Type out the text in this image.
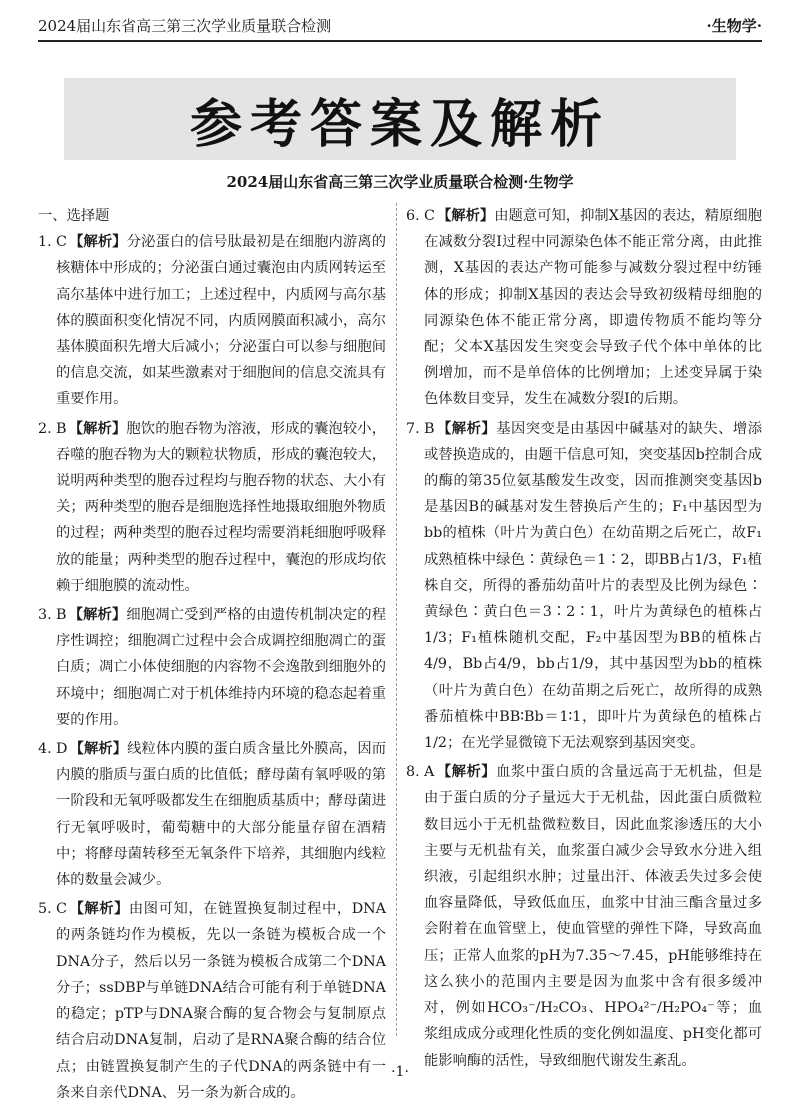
2024届山东省高三第三次学业质量联合检测	·生物学·
参考答案及解析
2024届山东省高三第三次学业质量联合检测·生物学

一、选择题

1. C 【解析】分泌蛋白的信号肽最初是在细胞内游离的核糖体中形成的；分泌蛋白通过囊泡由内质网转运至高尔基体中进行加工；上述过程中，内质网与高尔基体的膜面积变化情况不同，内质网膜面积减小，高尔基体膜面积先增大后减小；分泌蛋白可以参与细胞间的信息交流，如某些激素对于细胞间的信息交流具有重要作用。

2. B 【解析】胞饮的胞吞物为溶液，形成的囊泡较小，吞噬的胞吞物为大的颗粒状物质，形成的囊泡较大，说明两种类型的胞吞过程均与胞吞物的状态、大小有关；两种类型的胞吞是细胞选择性地摄取细胞外物质的过程；两种类型的胞吞过程均需要消耗细胞呼吸释放的能量；两种类型的胞吞过程中，囊泡的形成均依赖于细胞膜的流动性。

3. B 【解析】细胞凋亡受到严格的由遗传机制决定的程序性调控；细胞凋亡过程中会合成调控细胞凋亡的蛋白质；凋亡小体使细胞的内容物不会逸散到细胞外的环境中；细胞凋亡对于机体维持内环境的稳态起着重要的作用。

4. D 【解析】线粒体内膜的蛋白质含量比外膜高，因而内膜的脂质与蛋白质的比值低；酵母菌有氧呼吸的第一阶段和无氧呼吸都发生在细胞质基质中；酵母菌进行无氧呼吸时，葡萄糖中的大部分能量存留在酒精中；将酵母菌转移至无氧条件下培养，其细胞内线粒体的数量会减少。

5. C 【解析】由图可知，在链置换复制过程中，DNA的两条链均作为模板，先以一条链为模板合成一个DNA分子，然后以另一条链为模板合成第二个DNA分子；ssDBP与单链DNA结合可能有利于单链DNA的稳定；pTP与DNA聚合酶的复合物会与复制原点结合启动DNA复制，启动了是RNA聚合酶的结合位点；由链置换复制产生的子代DNA的两条链中有一条来自亲代DNA、另一条为新合成的。

6. C 【解析】由题意可知，抑制X基因的表达，精原细胞在减数分裂Ⅰ过程中同源染色体不能正常分离，由此推测，X基因的表达产物可能参与减数分裂过程中纺锤体的形成；抑制X基因的表达会导致初级精母细胞的同源染色体不能正常分离，即遗传物质不能均等分配；父本X基因发生突变会导致子代个体中单体的比例增加，而不是单倍体的比例增加；上述变异属于染色体数目变异，发生在减数分裂Ⅰ的后期。

7. B 【解析】基因突变是由基因中碱基对的缺失、增添或替换造成的，由题干信息可知，突变基因b控制合成的酶的第35位氨基酸发生改变，因而推测突变基因b是基因B的碱基对发生替换后产生的；F₁中基因型为bb的植株（叶片为黄白色）在幼苗期之后死亡，故F₁成熟植株中绿色∶黄绿色＝1∶2，即BB占1/3，F₁植株自交，所得的番茄幼苗叶片的表型及比例为绿色∶黄绿色∶黄白色＝3∶2∶1，叶片为黄绿色的植株占1/3；F₁植株随机交配，F₂中基因型为BB的植株占4/9，Bb占4/9，bb占1/9，其中基因型为bb的植株（叶片为黄白色）在幼苗期之后死亡，故所得的成熟番茄植株中BB∶Bb＝1∶1，即叶片为黄绿色的植株占1/2；在光学显微镜下无法观察到基因突变。

8. A 【解析】血浆中蛋白质的含量远高于无机盐，但是由于蛋白质的分子量远大于无机盐，因此蛋白质微粒数目远小于无机盐微粒数目，因此血浆渗透压的大小主要与无机盐有关，血浆蛋白减少会导致水分进入组织液，引起组织水肿；过量出汗、体液丢失过多会使血容量降低，导致低血压，血浆中甘油三酯含量过多会附着在血管壁上，使血管壁的弹性下降，导致高血压；正常人血浆的pH为7.35～7.45，pH能够维持在这么狭小的范围内主要是因为血浆中含有很多缓冲对，例如HCO₃⁻/H₂CO₃、HPO₄²⁻/H₂PO₄⁻等；血浆组成成分或理化性质的变化例如温度、pH变化都可能影响酶的活性，导致细胞代谢发生紊乱。

·1·
